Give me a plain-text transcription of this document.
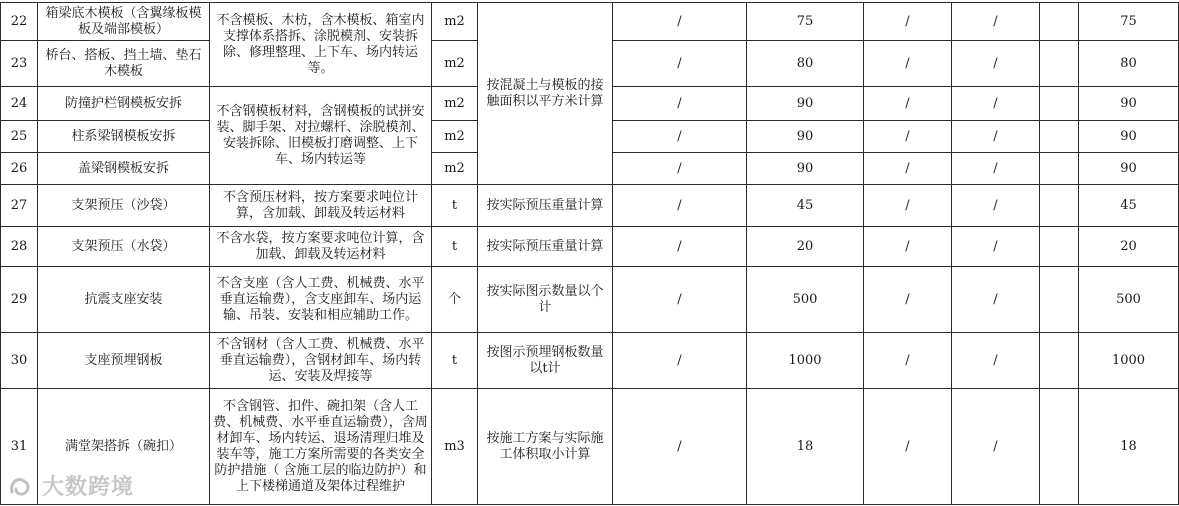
22	箱梁底木模板（含翼缘板模板及端部模板）	不含模板、木枋，含木模板、箱室内支撑体系搭拆、涂脱模剂、安装拆除、修理整理、上下车、场内转运等。	m2	按混凝土与模板的接触面积以平方米计算	/	75	/	/		75
23	桥台、搭板、挡土墙、垫石木模板		m2		/	80	/	/		80
24	防撞护栏钢模板安拆	不含钢模板材料，含钢模板的试拼安装、脚手架、对拉螺杆、涂脱模剂、安装拆除、旧模板打磨调整、上下车、场内转运等	m2		/	90	/	/		90
25	柱系梁钢模板安拆		m2		/	90	/	/		90
26	盖梁钢模板安拆		m2		/	90	/	/		90
27	支架预压（沙袋）	不含预压材料，按方案要求吨位计算，含加载、卸载及转运材料	t	按实际预压重量计算	/	45	/	/		45
28	支架预压（水袋）	不含水袋，按方案要求吨位计算，含加载、卸载及转运材料	t	按实际预压重量计算	/	20	/	/		20
29	抗震支座安装	不含支座（含人工费、机械费、水平垂直运输费），含支座卸车、场内运输、吊装、安装和相应辅助工作。	个	按实际图示数量以个计	/	500	/	/		500
30	支座预埋钢板	不含钢材（含人工费、机械费、水平垂直运输费），含钢材卸车、场内转运、安装及焊接等	t	按图示预埋钢板数量以t计	/	1000	/	/		1000
31	满堂架搭拆（碗扣）	不含钢管、扣件、碗扣架（含人工费、机械费、水平垂直运输费），含周材卸车、场内转运、退场清理归堆及装车等，施工方案所需要的各类安全防护措施（ 含施工层的临边防护）和上下楼梯通道及架体过程维护	m3	按施工方案与实际施工体积取小计算	/	18	/	/		18
大数跨境
